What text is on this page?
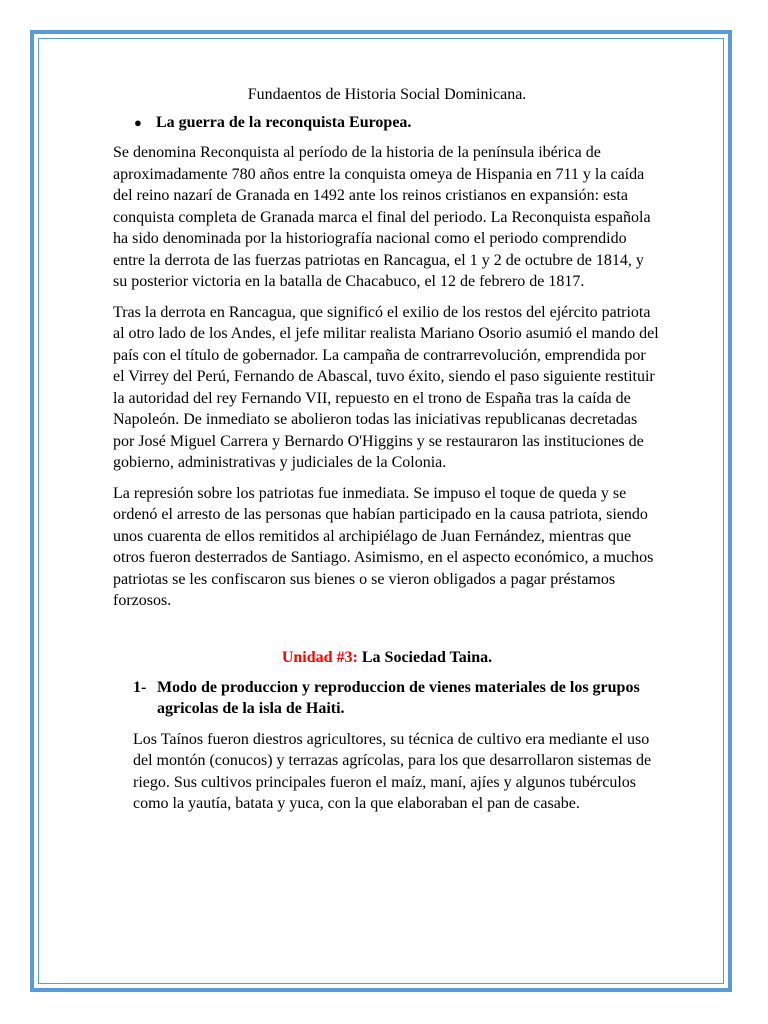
Fundaentos de Historia Social Dominicana.
● La guerra de la reconquista Europea.

Se denomina Reconquista al período de la historia de la península ibérica de aproximadamente 780 años entre la conquista omeya de Hispania en 711 y la caída del reino nazarí de Granada en 1492 ante los reinos cristianos en expansión: esta conquista completa de Granada marca el final del periodo. La Reconquista española ha sido denominada por la historiografía nacional como el periodo comprendido entre la derrota de las fuerzas patriotas en Rancagua, el 1 y 2 de octubre de 1814, y su posterior victoria en la batalla de Chacabuco, el 12 de febrero de 1817.

Tras la derrota en Rancagua, que significó el exilio de los restos del ejército patriota al otro lado de los Andes, el jefe militar realista Mariano Osorio asumió el mando del país con el título de gobernador. La campaña de contrarrevolución, emprendida por el Virrey del Perú, Fernando de Abascal, tuvo éxito, siendo el paso siguiente restituir la autoridad del rey Fernando VII, repuesto en el trono de España tras la caída de Napoleón. De inmediato se abolieron todas las iniciativas republicanas decretadas por José Miguel Carrera y Bernardo O'Higgins y se restauraron las instituciones de gobierno, administrativas y judiciales de la Colonia.

La represión sobre los patriotas fue inmediata. Se impuso el toque de queda y se ordenó el arresto de las personas que habían participado en la causa patriota, siendo unos cuarenta de ellos remitidos al archipiélago de Juan Fernández, mientras que otros fueron desterrados de Santiago. Asimismo, en el aspecto económico, a muchos patriotas se les confiscaron sus bienes o se vieron obligados a pagar préstamos forzosos.

Unidad #3: La Sociedad Taina.
1- Modo de produccion y reproduccion de vienes materiales de los grupos agricolas de la isla de Haiti.

Los Taínos fueron diestros agricultores, su técnica de cultivo era mediante el uso del montón (conucos) y terrazas agrícolas, para los que desarrollaron sistemas de riego. Sus cultivos principales fueron el maíz, maní, ajíes y algunos tubérculos como la yautía, batata y yuca, con la que elaboraban el pan de casabe.
